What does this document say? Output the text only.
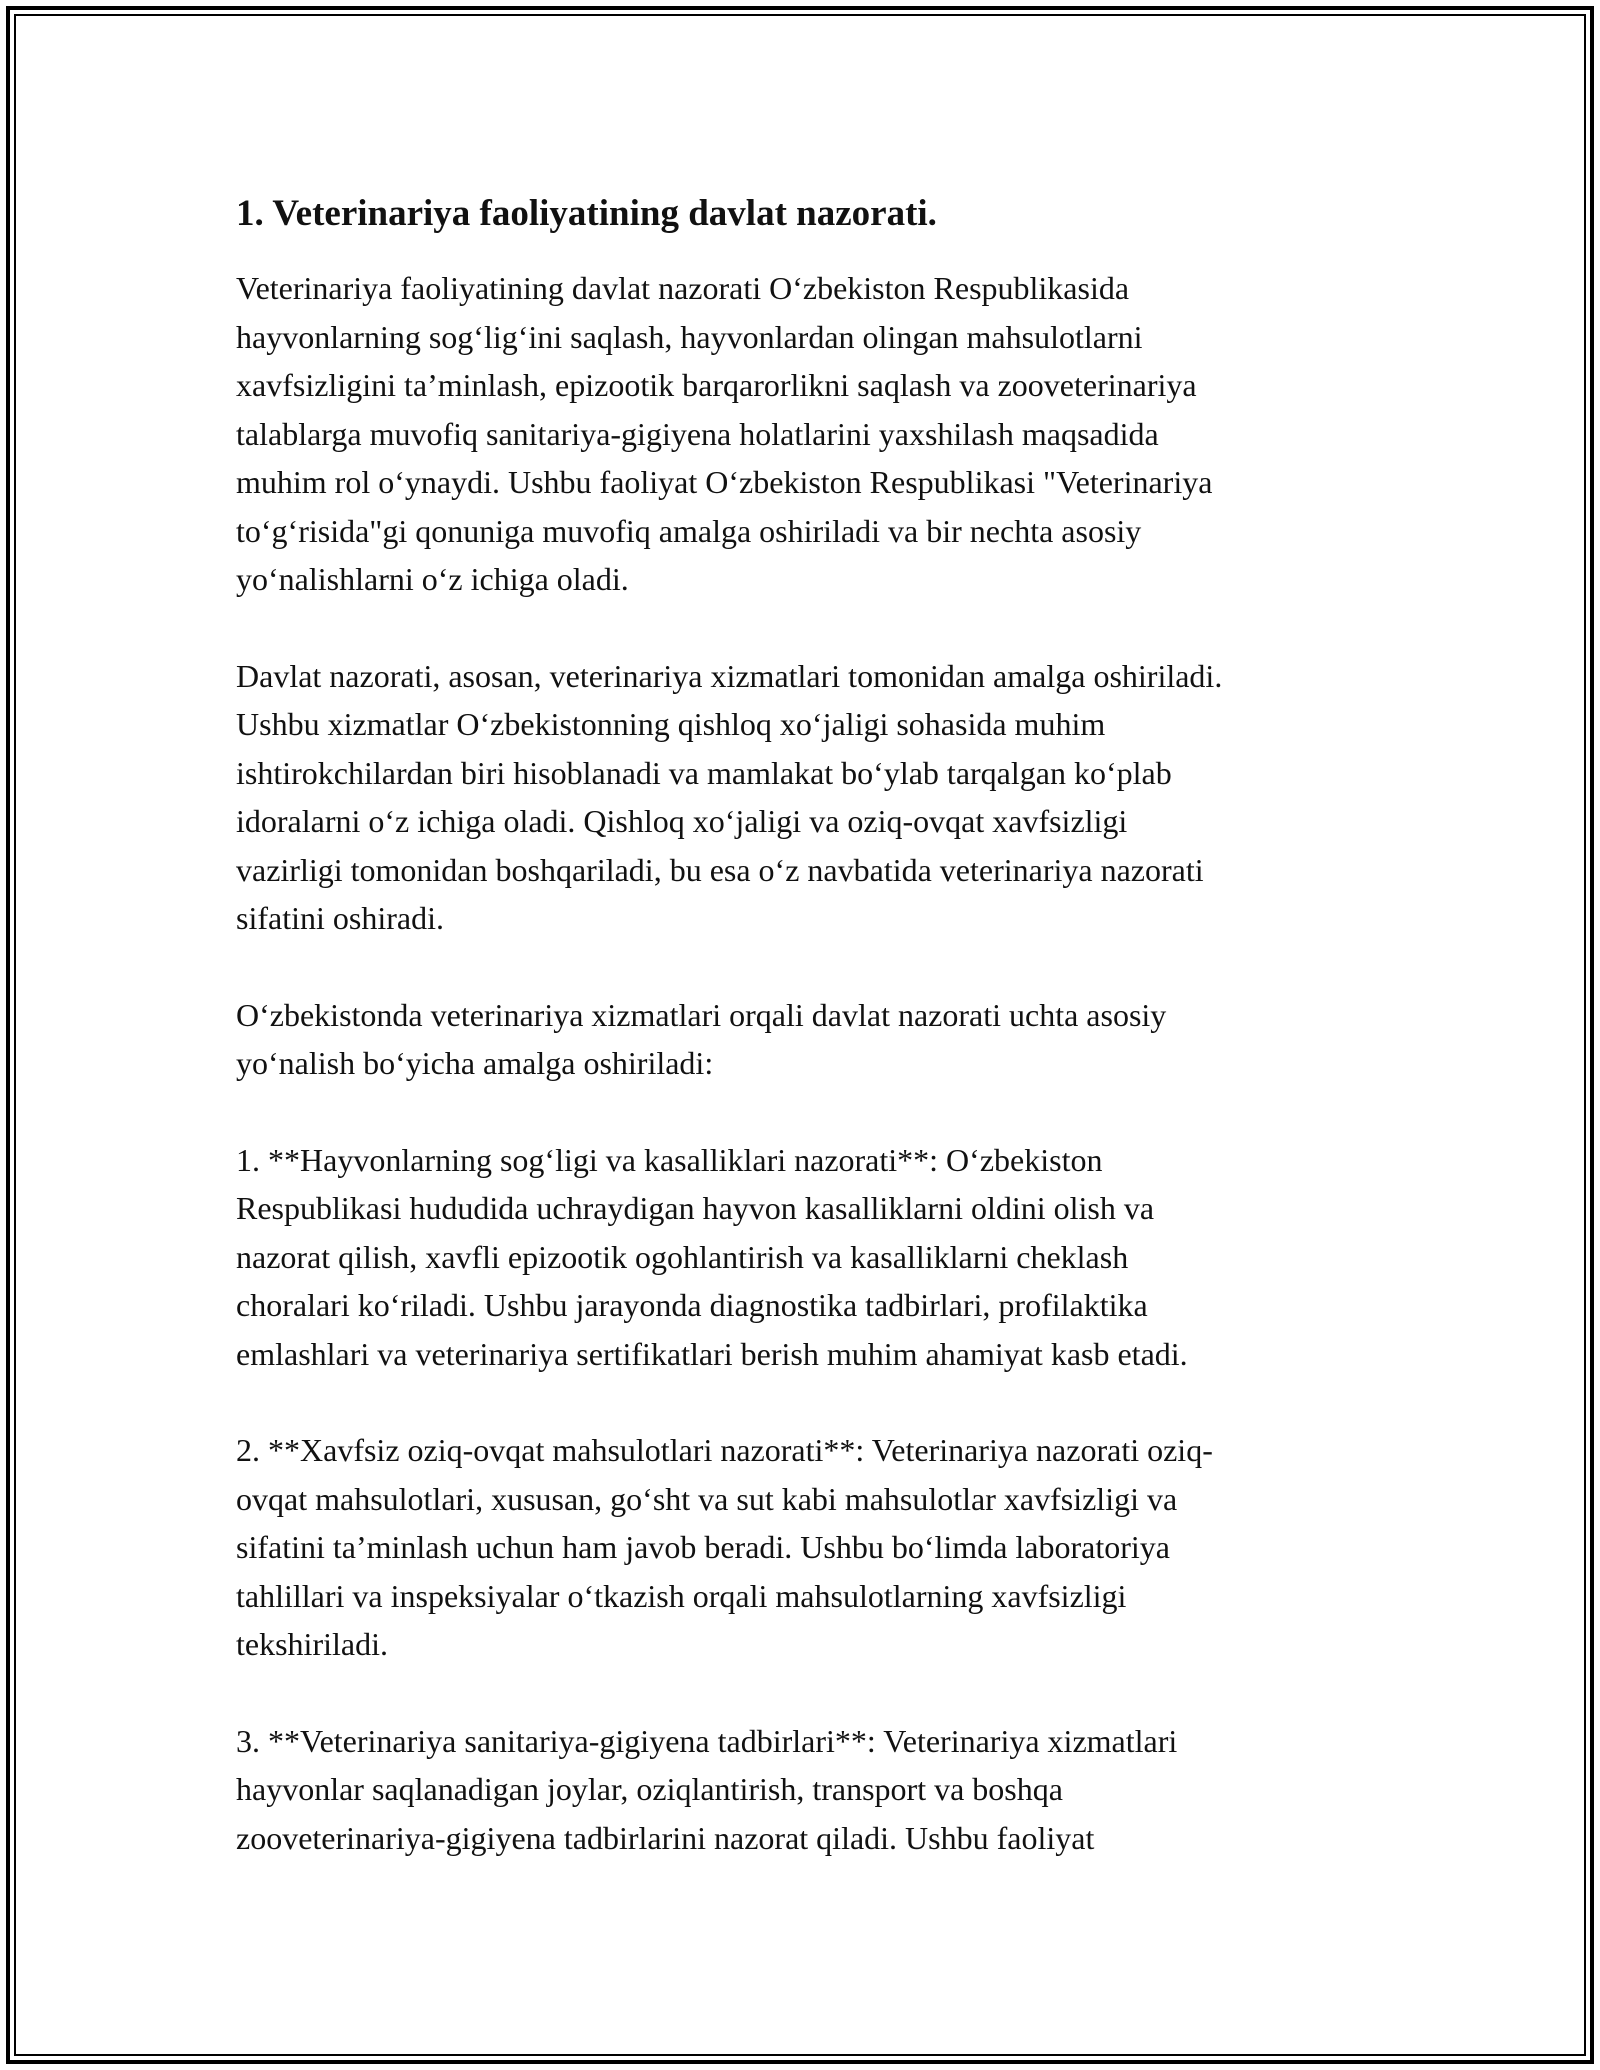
1. Veterinariya faoliyatining davlat nazorati.

Veterinariya faoliyatining davlat nazorati O‘zbekiston Respublikasida
hayvonlarning sog‘lig‘ini saqlash, hayvonlardan olingan mahsulotlarni
xavfsizligini ta’minlash, epizootik barqarorlikni saqlash va zooveterinariya
talablarga muvofiq sanitariya-gigiyena holatlarini yaxshilash maqsadida
muhim rol o‘ynaydi. Ushbu faoliyat O‘zbekiston Respublikasi "Veterinariya
to‘g‘risida"gi qonuniga muvofiq amalga oshiriladi va bir nechta asosiy
yo‘nalishlarni o‘z ichiga oladi.

Davlat nazorati, asosan, veterinariya xizmatlari tomonidan amalga oshiriladi.
Ushbu xizmatlar O‘zbekistonning qishloq xo‘jaligi sohasida muhim
ishtirokchilardan biri hisoblanadi va mamlakat bo‘ylab tarqalgan ko‘plab
idoralarni o‘z ichiga oladi. Qishloq xo‘jaligi va oziq-ovqat xavfsizligi
vazirligi tomonidan boshqariladi, bu esa o‘z navbatida veterinariya nazorati
sifatini oshiradi.

O‘zbekistonda veterinariya xizmatlari orqali davlat nazorati uchta asosiy
yo‘nalish bo‘yicha amalga oshiriladi:

1. **Hayvonlarning sog‘ligi va kasalliklari nazorati**: O‘zbekiston
Respublikasi hududida uchraydigan hayvon kasalliklarni oldini olish va
nazorat qilish, xavfli epizootik ogohlantirish va kasalliklarni cheklash
choralari ko‘riladi. Ushbu jarayonda diagnostika tadbirlari, profilaktika
emlashlari va veterinariya sertifikatlari berish muhim ahamiyat kasb etadi.

2. **Xavfsiz oziq-ovqat mahsulotlari nazorati**: Veterinariya nazorati oziq-
ovqat mahsulotlari, xususan, go‘sht va sut kabi mahsulotlar xavfsizligi va
sifatini ta’minlash uchun ham javob beradi. Ushbu bo‘limda laboratoriya
tahlillari va inspeksiyalar o‘tkazish orqali mahsulotlarning xavfsizligi
tekshiriladi.

3. **Veterinariya sanitariya-gigiyena tadbirlari**: Veterinariya xizmatlari
hayvonlar saqlanadigan joylar, oziqlantirish, transport va boshqa
zooveterinariya-gigiyena tadbirlarini nazorat qiladi. Ushbu faoliyat
